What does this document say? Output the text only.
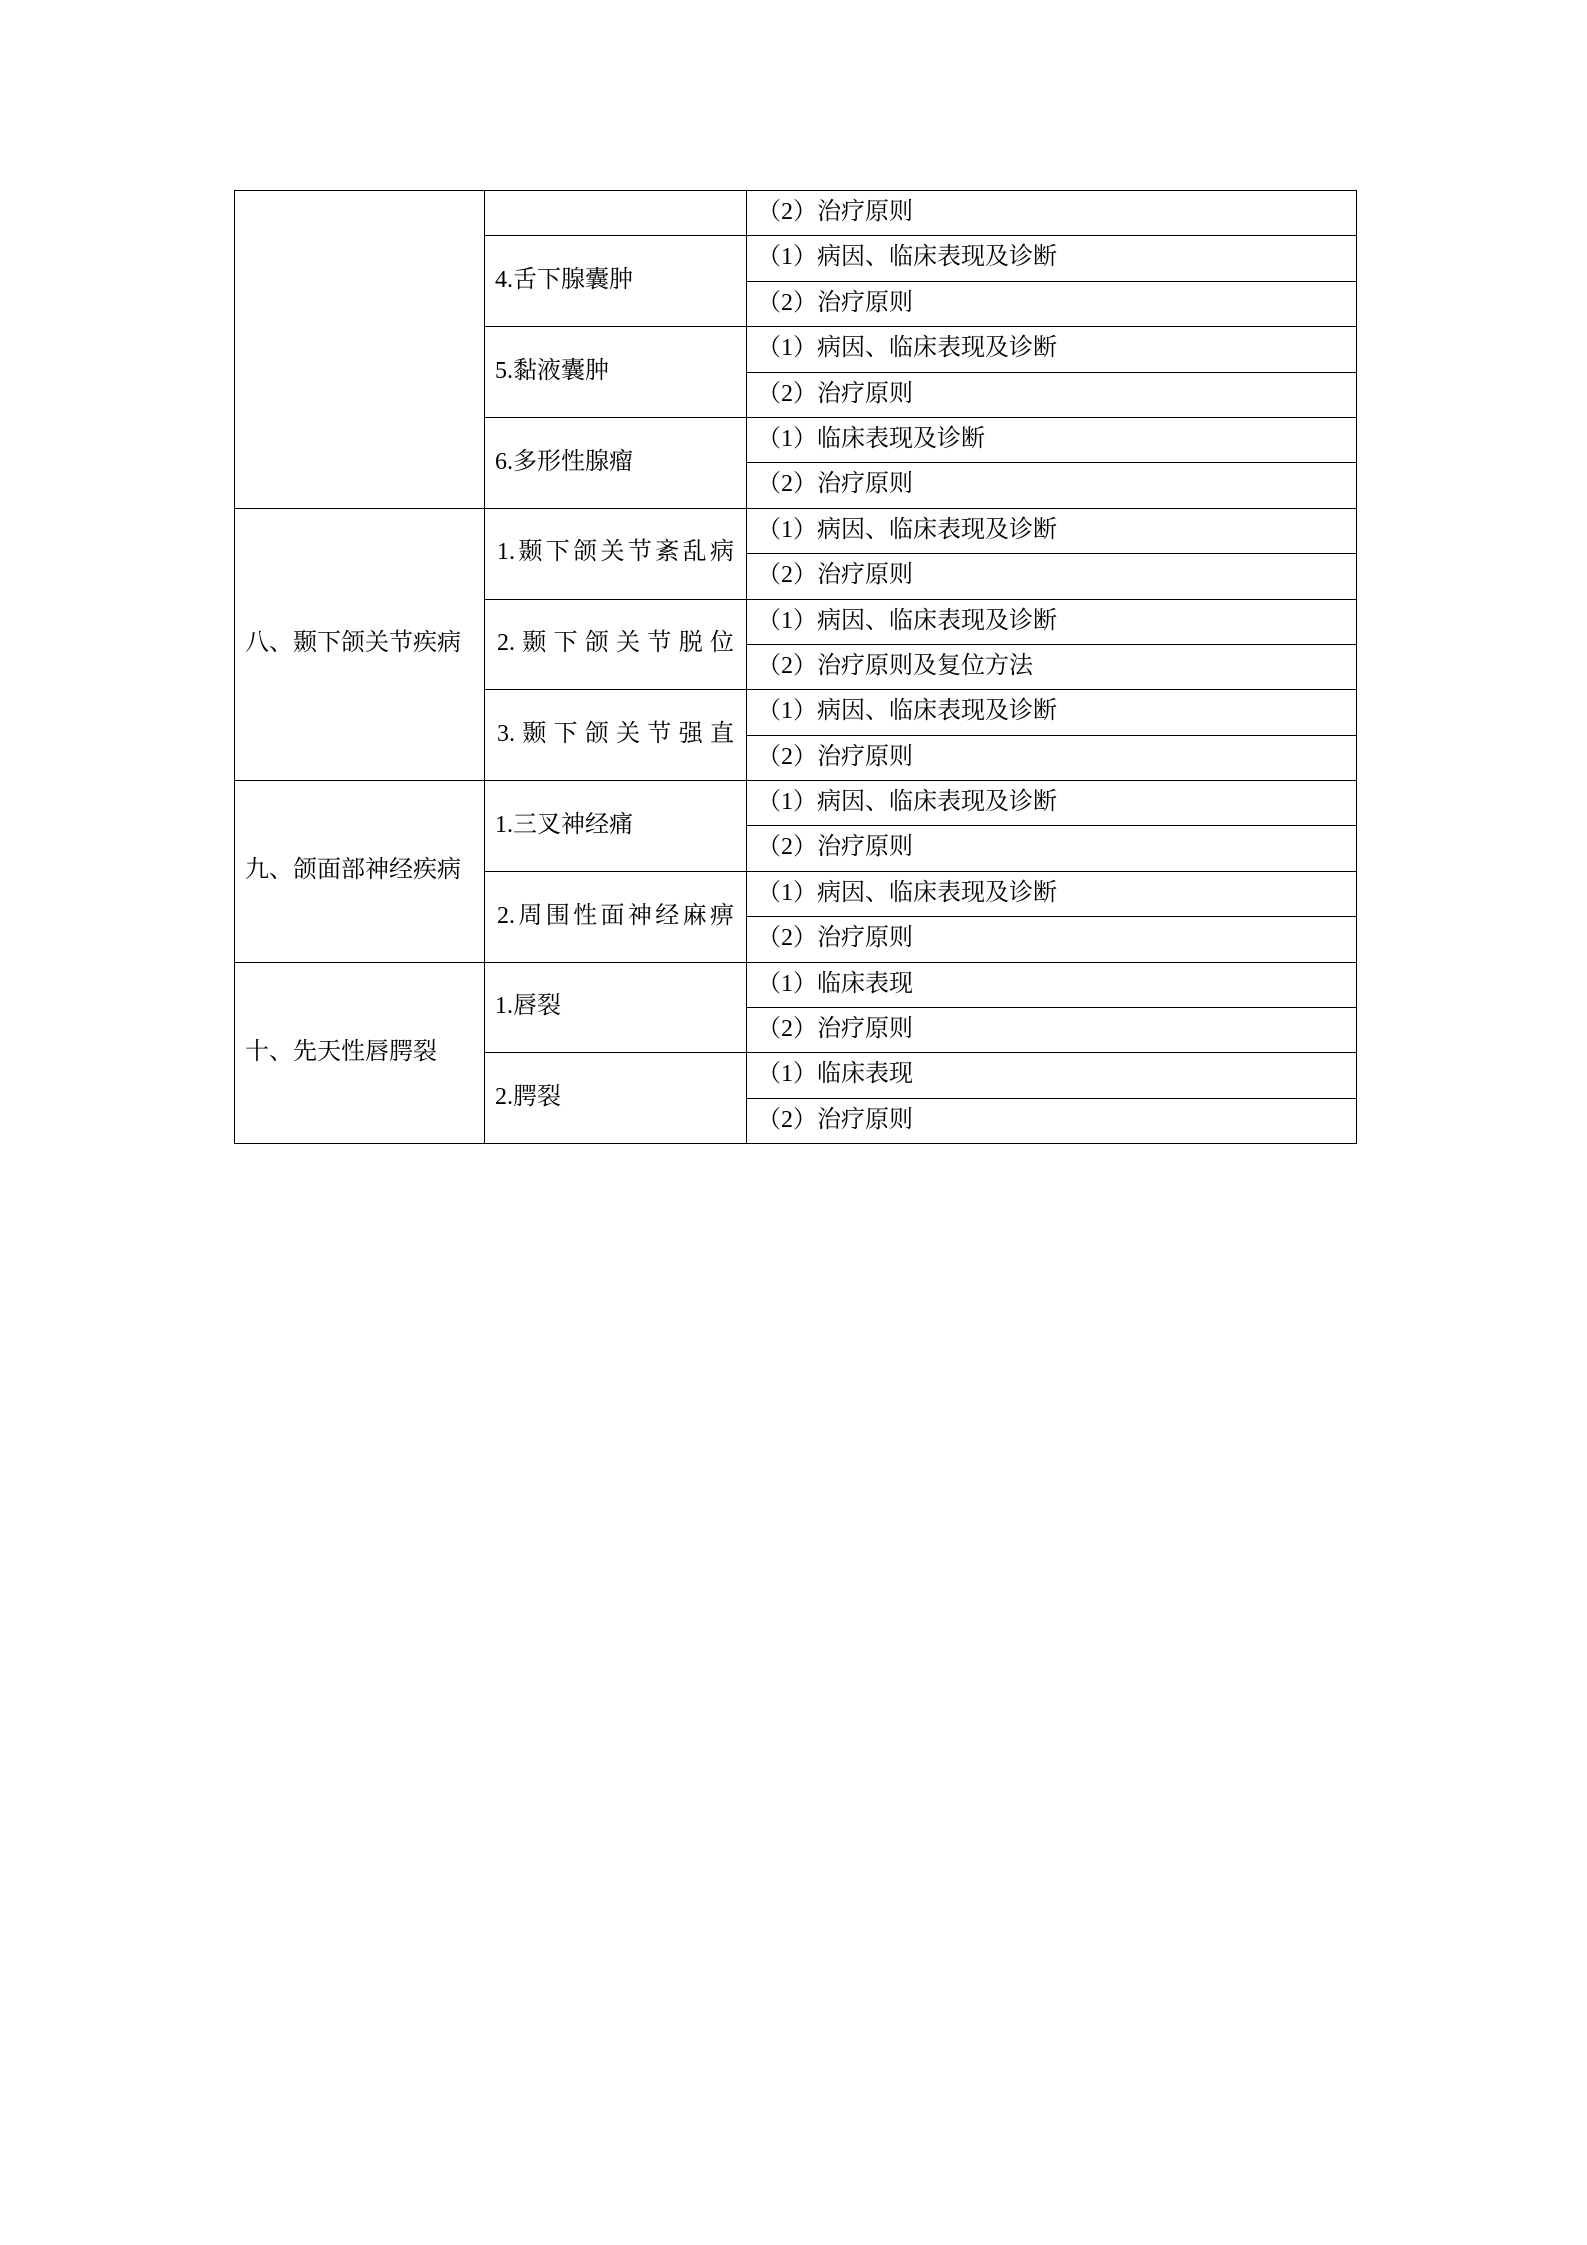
		（2）治疗原则
	4.舌下腺囊肿	（1）病因、临床表现及诊断
		（2）治疗原则
	5.黏液囊肿	（1）病因、临床表现及诊断
		（2）治疗原则
	6.多形性腺瘤	（1）临床表现及诊断
		（2）治疗原则
八、颞下颌关节疾病	1.颞下颌关节紊乱病	（1）病因、临床表现及诊断
		（2）治疗原则
	2.颞下颌关节脱位	（1）病因、临床表现及诊断
		（2）治疗原则及复位方法
	3.颞下颌关节强直	（1）病因、临床表现及诊断
		（2）治疗原则
九、颌面部神经疾病	1.三叉神经痛	（1）病因、临床表现及诊断
		（2）治疗原则
	2.周围性面神经麻痹	（1）病因、临床表现及诊断
		（2）治疗原则
十、先天性唇腭裂	1.唇裂	（1）临床表现
		（2）治疗原则
	2.腭裂	（1）临床表现
		（2）治疗原则
